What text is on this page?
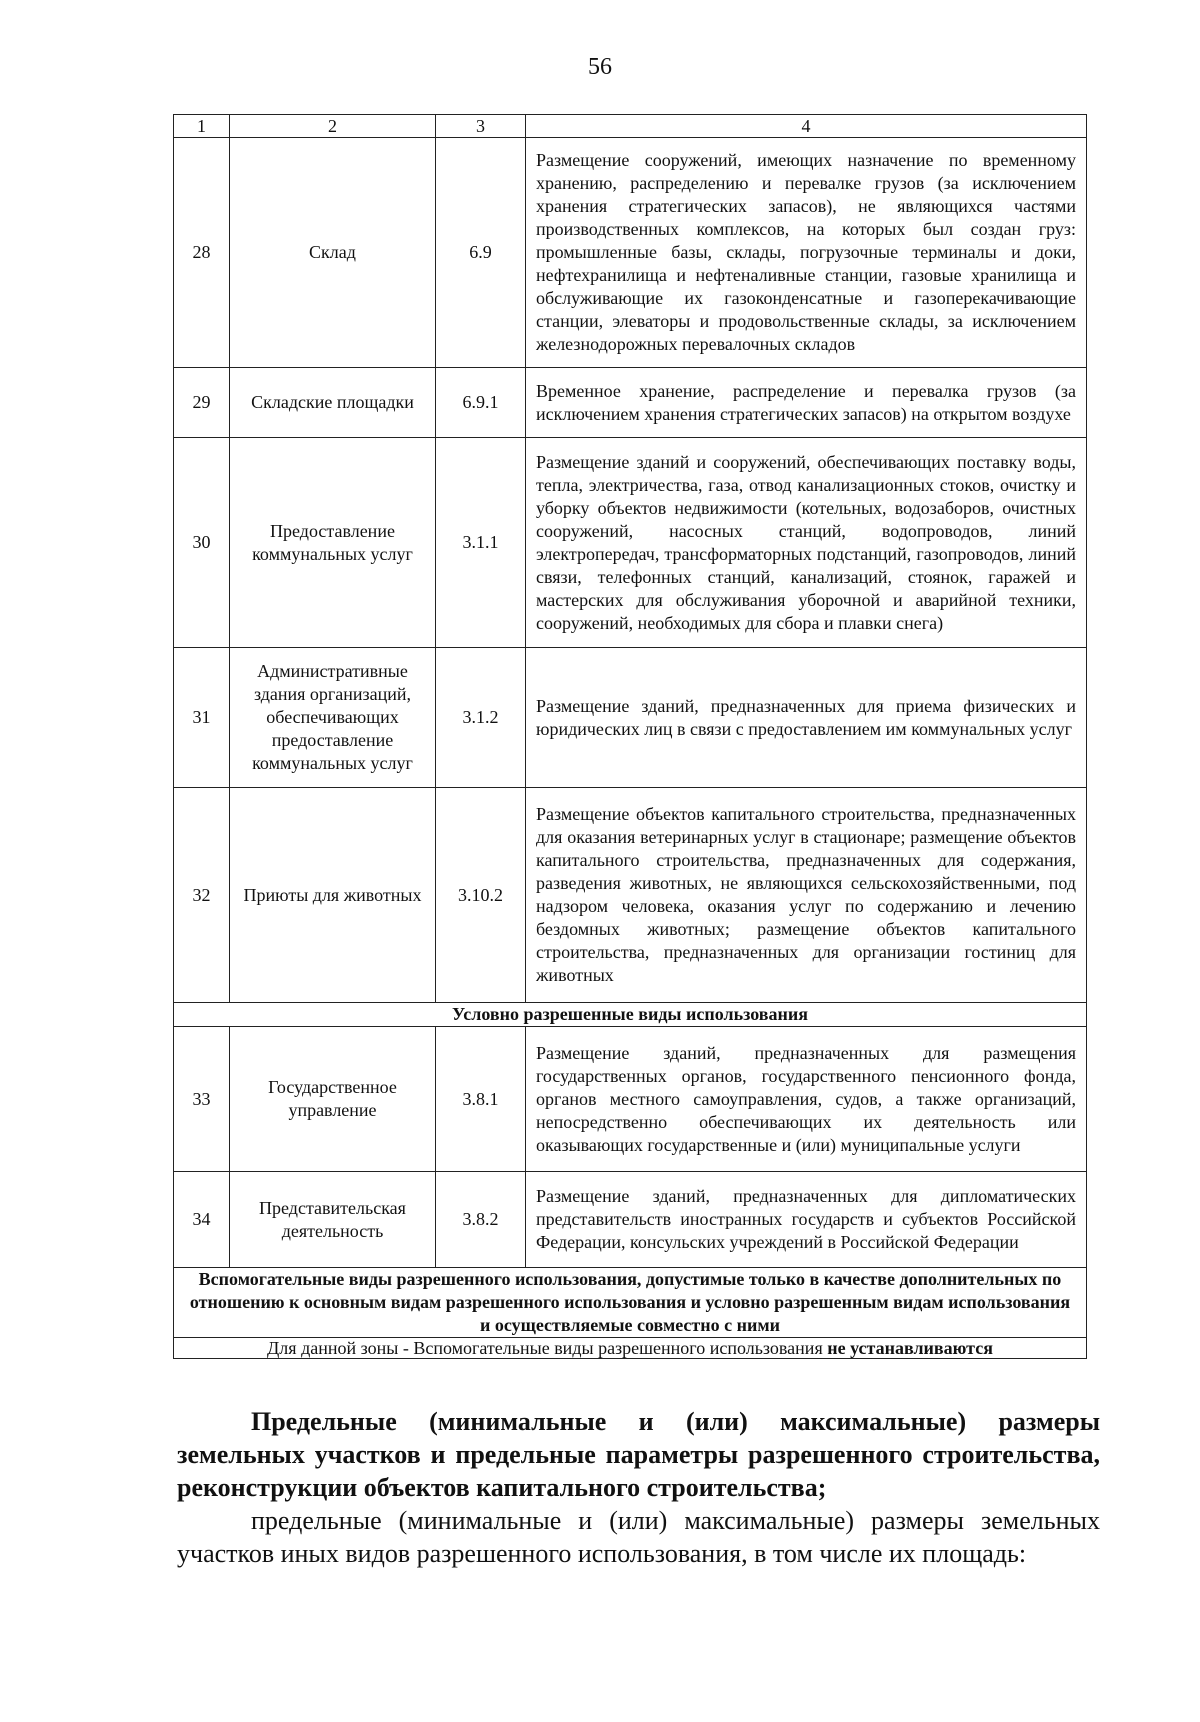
56
1	2	3	4
28	Склад	6.9	Размещение сооружений, имеющих назначение по временному хранению, распределению и перевалке грузов (за исключением хранения стратегических запасов), не являющихся частями производственных комплексов, на которых был создан груз: промышленные базы, склады, погрузочные терминалы и доки, нефтехранилища и нефтеналивные станции, газовые хранилища и обслуживающие их газоконденсатные и газоперекачивающие станции, элеваторы и продовольственные склады, за исключением железнодорожных перевалочных складов
29	Складские площадки	6.9.1	Временное хранение, распределение и перевалка грузов (за исключением хранения стратегических запасов) на открытом воздухе
30	Предоставление коммунальных услуг	3.1.1	Размещение зданий и сооружений, обеспечивающих поставку воды, тепла, электричества, газа, отвод канализационных стоков, очистку и уборку объектов недвижимости (котельных, водозаборов, очистных сооружений, насосных станций, водопроводов, линий электропередач, трансформаторных подстанций, газопроводов, линий связи, телефонных станций, канализаций, стоянок, гаражей и мастерских для обслуживания уборочной и аварийной техники, сооружений, необходимых для сбора и плавки снега)
31	Административные здания организаций, обеспечивающих предоставление коммунальных услуг	3.1.2	Размещение зданий, предназначенных для приема физических и юридических лиц в связи с предоставлением им коммунальных услуг
32	Приюты для животных	3.10.2	Размещение объектов капитального строительства, предназначенных для оказания ветеринарных услуг в стационаре; размещение объектов капитального строительства, предназначенных для содержания, разведения животных, не являющихся сельскохозяйственными, под надзором человека, оказания услуг по содержанию и лечению бездомных животных; размещение объектов капитального строительства, предназначенных для организации гостиниц для животных
Условно разрешенные виды использования			
33	Государственное управление	3.8.1	Размещение зданий, предназначенных для размещения государственных органов, государственного пенсионного фонда, органов местного самоуправления, судов, а также организаций, непосредственно обеспечивающих их деятельность или оказывающих государственные и (или) муниципальные услуги
34	Представительская деятельность	3.8.2	Размещение зданий, предназначенных для дипломатических представительств иностранных государств и субъектов Российской Федерации, консульских учреждений в Российской Федерации
Вспомогательные виды разрешенного использования, допустимые только в качестве дополнительных по отношению к основным видам разрешенного использования и условно разрешенным видам использования и осуществляемые совместно с ними			
Для данной зоны - Вспомогательные виды разрешенного использования не устанавливаются			
Предельные (минимальные и (или) максимальные) размеры земельных участков и предельные параметры разрешенного строительства, реконструкции объектов капитального строительства;
предельные (минимальные и (или) максимальные) размеры земельных участков иных видов разрешенного использования, в том числе их площадь:
